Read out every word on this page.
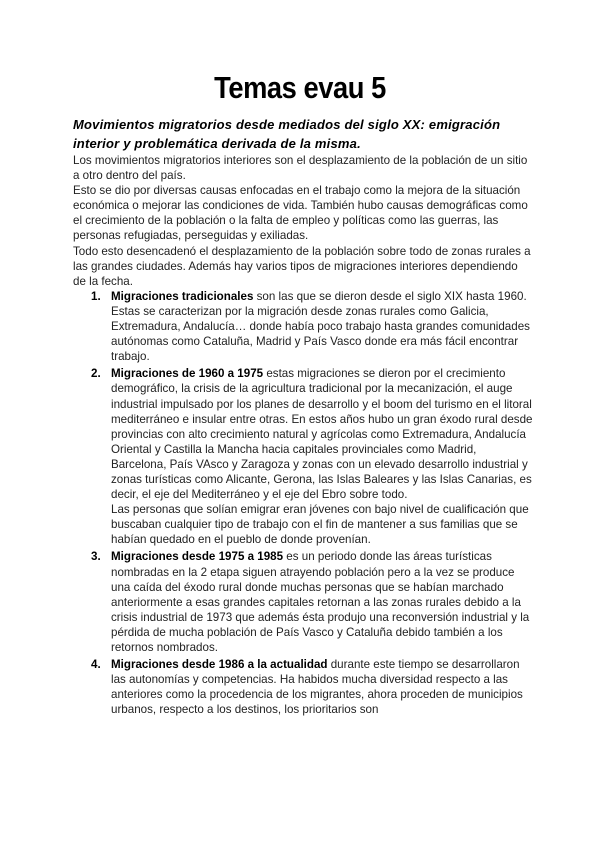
Temas evau 5
Movimientos migratorios desde mediados del siglo XX: emigración interior y problemática derivada de la misma.

Los movimientos migratorios interiores son el desplazamiento de la población de un sitio a otro dentro del país.

Esto se dio por diversas causas enfocadas en el trabajo como la mejora de la situación económica o mejorar las condiciones de vida. También hubo causas demográficas como el crecimiento de la población o la falta de empleo y políticas como las guerras, las personas refugiadas, perseguidas y exiliadas.

Todo esto desencadenó el desplazamiento de la población sobre todo de zonas rurales a las grandes ciudades. Además hay varios tipos de migraciones interiores dependiendo de la fecha.

1. Migraciones tradicionales son las que se dieron desde el siglo XIX hasta 1960. Estas se caracterizan por la migración desde zonas rurales como Galicia, Extremadura, Andalucía… donde había poco trabajo hasta grandes comunidades autónomas como Cataluña, Madrid y País Vasco donde era más fácil encontrar trabajo.
2. Migraciones de 1960 a 1975 estas migraciones se dieron por el crecimiento demográfico, la crisis de la agricultura tradicional por la mecanización, el auge industrial impulsado por los planes de desarrollo y el boom del turismo en el litoral mediterráneo e insular entre otras. En estos años hubo un gran éxodo rural desde provincias con alto crecimiento natural y agrícolas como Extremadura, Andalucía Oriental y Castilla la Mancha hacia capitales provinciales como Madrid, Barcelona, País VAsco y Zaragoza y zonas con un elevado desarrollo industrial y zonas turísticas como Alicante, Gerona, las Islas Baleares y las Islas Canarias, es decir, el eje del Mediterráneo y el eje del Ebro sobre todo.
Las personas que solían emigrar eran jóvenes con bajo nivel de cualificación que buscaban cualquier tipo de trabajo con el fin de mantener a sus familias que se habían quedado en el pueblo de donde provenían.
3. Migraciones desde 1975 a 1985 es un periodo donde las áreas turísticas nombradas en la 2 etapa siguen atrayendo población pero a la vez se produce una caída del éxodo rural donde muchas personas que se habían marchado anteriormente a esas grandes capitales retornan a las zonas rurales debido a la crisis industrial de 1973 que además ésta produjo una reconversión industrial y la pérdida de mucha población de País Vasco y Cataluña debido también a los retornos nombrados.
4. Migraciones desde 1986 a la actualidad durante este tiempo se desarrollaron las autonomías y competencias. Ha habidos mucha diversidad respecto a las anteriores como la procedencia de los migrantes, ahora proceden de municipios urbanos, respecto a los destinos, los prioritarios son
